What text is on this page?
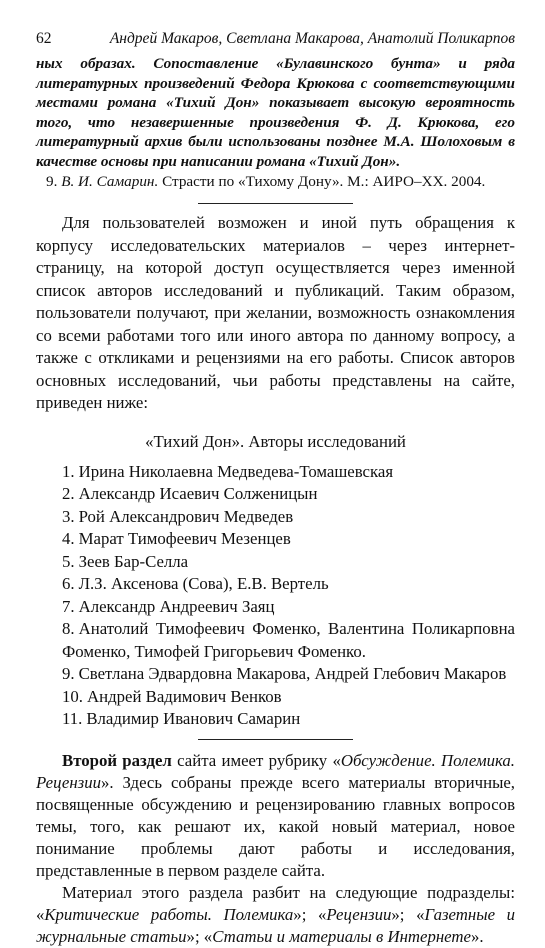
62	Андрей Макаров, Светлана Макарова, Анатолий Поликарпов
ных образах. Сопоставление «Булавинского бунта» и ряда литературных произведений Федора Крюкова с соответствующими местами романа «Тихий Дон» показывает высокую вероятность того, что незавершенные произведения Ф. Д. Крюкова, его литературный архив были использованы позднее М.А. Шолоховым в качестве основы при написании романа «Тихий Дон».
9. В. И. Самарин. Страсти по «Тихому Дону». М.: АИРО–XX. 2004.

Для пользователей возможен и иной путь обращения к корпусу исследовательских материалов – через интернет-страницу, на которой доступ осуществляется через именной список авторов исследований и публикаций. Таким образом, пользователи получают, при желании, возможность ознакомления со всеми работами того или иного автора по данному вопросу, а также с откликами и рецензиями на его работы. Список авторов основных исследований, чьи работы представлены на сайте, приведен ниже:

«Тихий Дон». Авторы исследований
1. Ирина Николаевна Медведева-Томашевская
2. Александр Исаевич Солженицын
3. Рой Александрович Медведев
4. Марат Тимофеевич Мезенцев
5. Зеев Бар-Селла
6. Л.З. Аксенова (Сова), Е.В. Вертель
7. Александр Андреевич Заяц
8. Анатолий Тимофеевич Фоменко, Валентина Поликарповна Фоменко, Тимофей Григорьевич Фоменко.
9. Светлана Эдвардовна Макарова, Андрей Глебович Макаров
10. Андрей Вадимович Венков
11. Владимир Иванович Самарин

Второй раздел сайта имеет рубрику «Обсуждение. Полемика. Рецензии». Здесь собраны прежде всего материалы вторичные, посвященные обсуждению и рецензированию главных вопросов темы, того, как решают их, какой новый материал, новое понимание проблемы дают работы и исследования, представленные в первом разделе сайта.

Материал этого раздела разбит на следующие подразделы: «Критические работы. Полемика»; «Рецензии»; «Газетные и журнальные статьи»; «Статьи и материалы в Интернете».
